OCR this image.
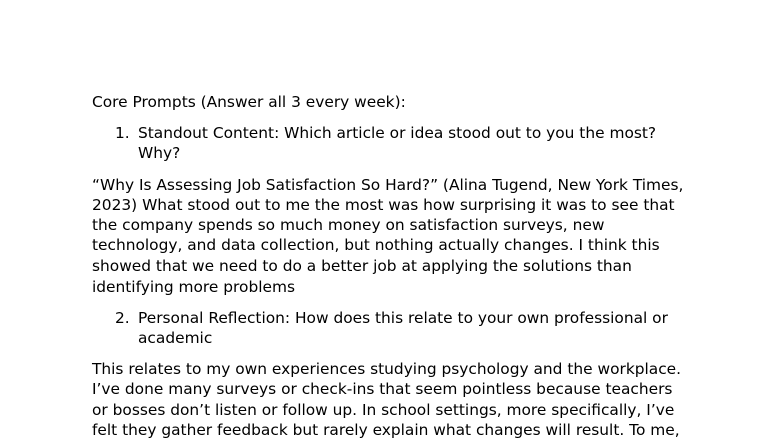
Core Prompts (Answer all 3 every week):
1. Standout Content: Which article or idea stood out to you the most?
Why?
“Why Is Assessing Job Satisfaction So Hard?” (Alina Tugend, New York Times,
2023) What stood out to me the most was how surprising it was to see that
the company spends so much money on satisfaction surveys, new
technology, and data collection, but nothing actually changes. I think this
showed that we need to do a better job at applying the solutions than
identifying more problems
2. Personal Reflection: How does this relate to your own professional or
academic
This relates to my own experiences studying psychology and the workplace.
I’ve done many surveys or check-ins that seem pointless because teachers
or bosses don’t listen or follow up. In school settings, more specifically, I’ve
felt they gather feedback but rarely explain what changes will result. To me,
